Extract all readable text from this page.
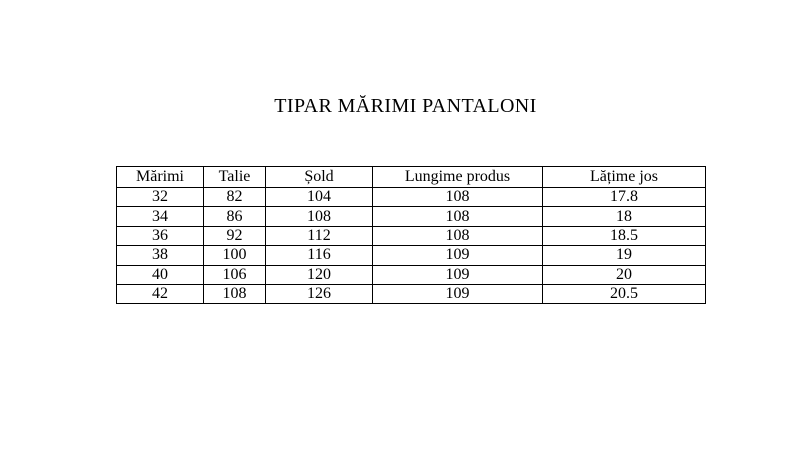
TIPAR MĂRIMI PANTALONI
Mărimi	Talie	Șold	Lungime produs	Lățime jos
32	82	104	108	17.8
34	86	108	108	18
36	92	112	108	18.5
38	100	116	109	19
40	106	120	109	20
42	108	126	109	20.5
